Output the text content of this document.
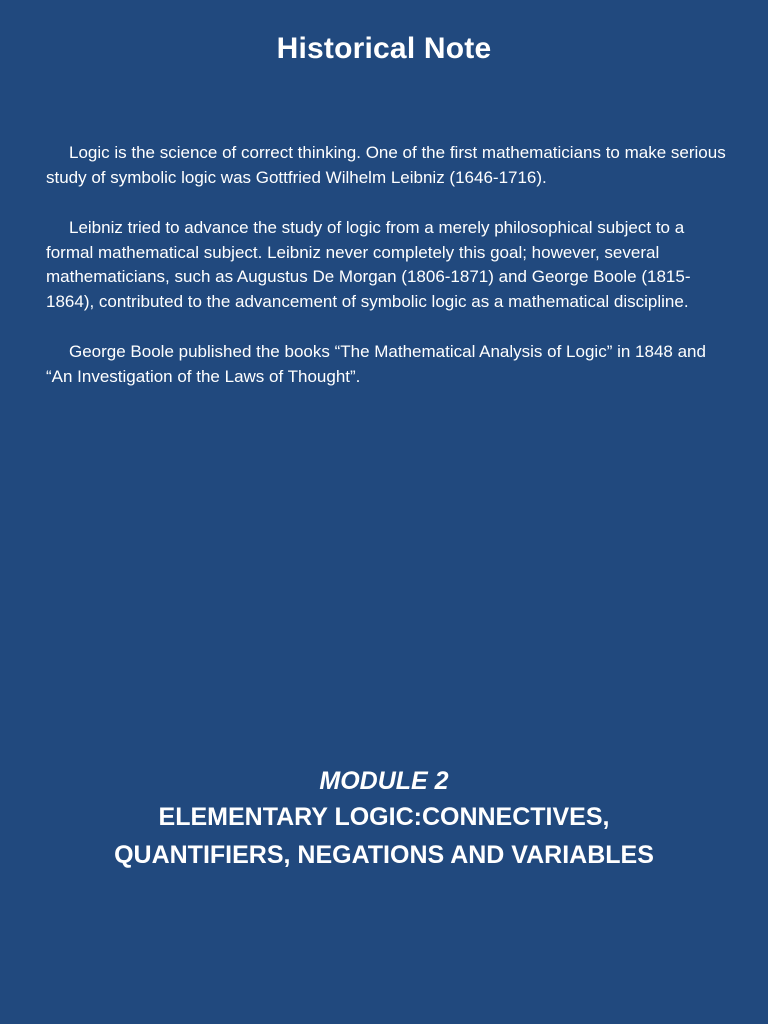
Historical Note

Logic is the science of correct thinking. One of the first mathematicians to make serious study of symbolic logic was Gottfried Wilhelm Leibniz (1646-1716).

Leibniz tried to advance the study of logic from a merely philosophical subject to a formal mathematical subject. Leibniz never completely this goal; however, several mathematicians, such as Augustus De Morgan (1806-1871) and George Boole (1815-1864), contributed to the advancement of symbolic logic as a mathematical discipline.

George Boole published the books “The Mathematical Analysis of Logic” in 1848 and “An Investigation of the Laws of Thought”.

MODULE 2

ELEMENTARY LOGIC:CONNECTIVES,

QUANTIFIERS, NEGATIONS AND VARIABLES
